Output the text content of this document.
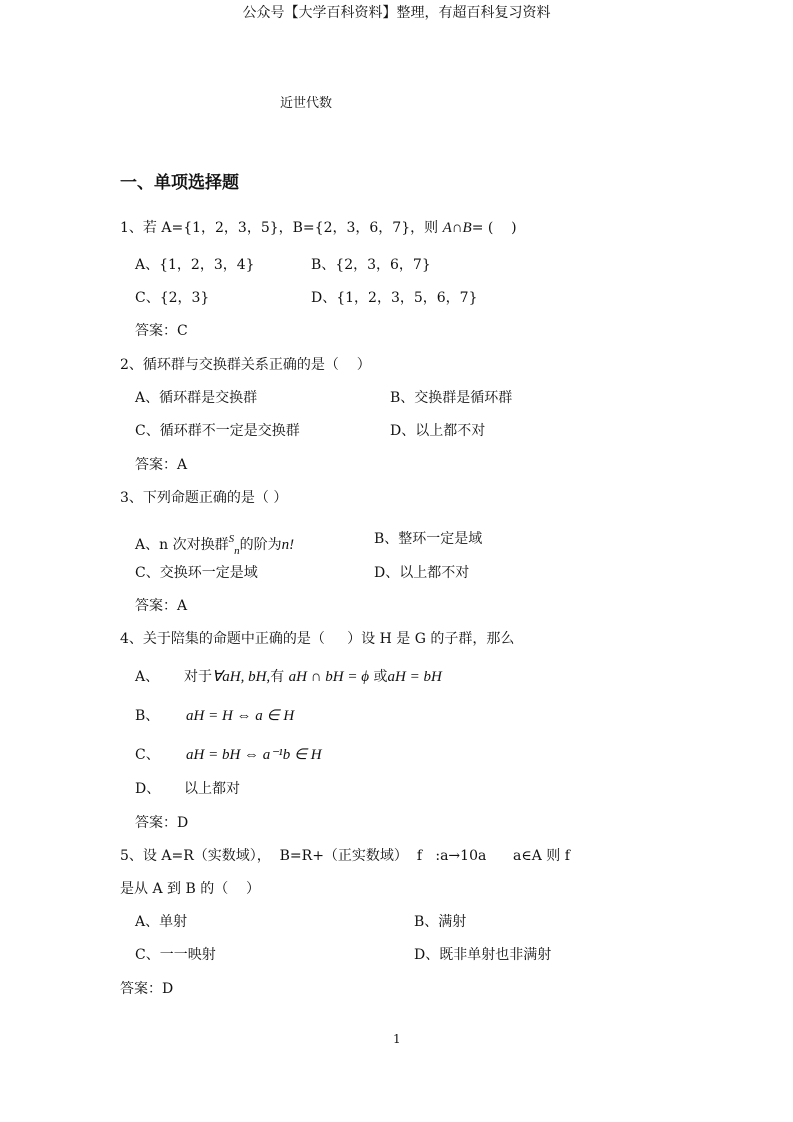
公众号【大学百科资料】整理，有超百科复习资料
近世代数
一、单项选择题
1、若 A={1，2，3，5}，B={2，3，6，7}，则 A∩B= (    )
A、{1，2，3，4}	B、{2，3，6，7}
C、{2，3}	D、{1，2，3，5，6，7}
答案：C
2、循环群与交换群关系正确的是（    ）
A、循环群是交换群	B、交换群是循环群
C、循环群不一定是交换群	D、以上都不对
答案：A
3、下列命题正确的是（ ）
A、n 次对换群$^S_n$的阶为n!	B、整环一定是域
C、交换环一定是域	D、以上都不对
答案：A
4、关于陪集的命题中正确的是（     ）设 H 是 G 的子群，那么
A、 对于∀aH, bH,有 aH ∩ bH = ϕ 或aH = bH
B、 aH = H ⇔ a ∈ H
C、 aH = bH ⇔ a⁻¹b ∈ H
D、 以上都对
答案：D
5、设 A=R（实数域），  B=R+（正实数域）  f   :a→10a      a∈A 则 f
是从 A 到 B 的（    ）
A、单射	B、满射
C、一一映射	D、既非单射也非满射
答案：D
1
